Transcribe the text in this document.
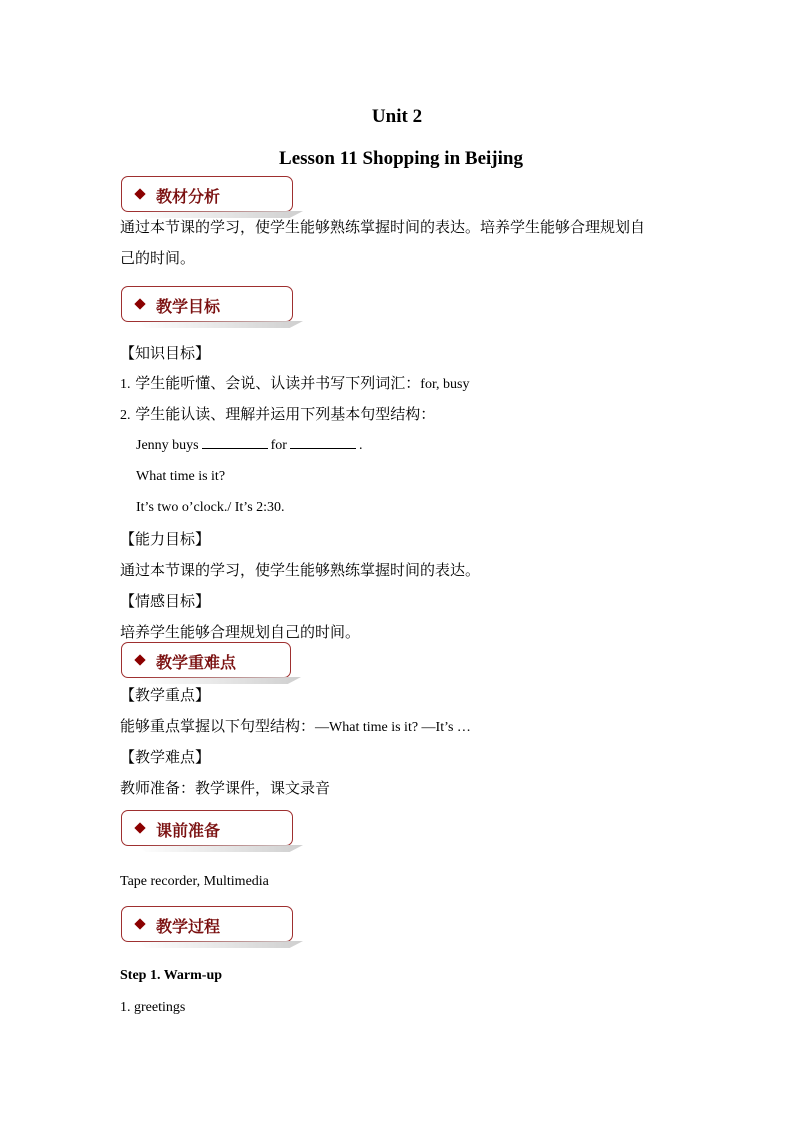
Unit 2
Lesson 11 Shopping in Beijing
教材分析
通过本节课的学习，使学生能够熟练掌握时间的表达。培养学生能够合理规划自
己的时间。
教学目标
【知识目标】
1. 学生能听懂、会说、认读并书写下列词汇：for, busy
2. 学生能认读、理解并运用下列基本句型结构：
Jenny buys	for	.
What time is it?
It’s two o’clock./ It’s 2:30.
【能力目标】
通过本节课的学习，使学生能够熟练掌握时间的表达。
【情感目标】
培养学生能够合理规划自己的时间。
教学重难点
【教学重点】
能够重点掌握以下句型结构：—What time is it? —It’s …
【教学难点】
教师准备：教学课件，课文录音
课前准备
Tape recorder, Multimedia
教学过程
Step 1. Warm-up
1. greetings
